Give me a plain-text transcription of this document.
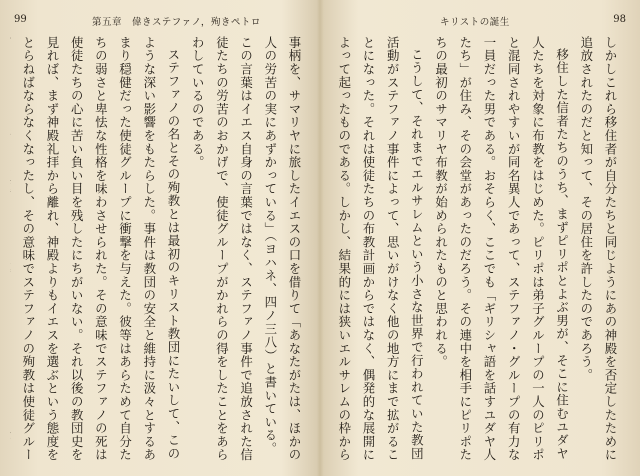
99	第五章　偉きステファノ，殉きペトロ

事柄を、サマリヤに旅したイエスの口を借りて「あなたがたは、ほかの人の労苦の実にあずかっている」（ヨハネ、四ノ三八）と書いている。この言葉はイエス自身の言葉ではなく、ステファノ事件で追放された信徒たちの労苦のおかげで、使徒グループがかれらの得をしたことをあらわしているのである。

ステファノの名とその殉教とは最初のキリスト教団にたいして、このような深い影響をもたらした。事件は教団の安全と維持に汲々とするあまり穏健だった使徒グループに衝撃を与えた。彼等はあらためて自分たちの弱さと卑怯な性格を味わさせられた。その意味でステファノの死は使徒たちの心に苦い負い目を残したにちがいない。それ以後の教団史を見れば、まず神殿礼拝から離れ、神殿よりもイエスを選ぶという態度をとらねばならなくなったし、その意味でステファノの殉教は使徒グルー

キリストの誕生	98

しかしこれら移住者が自分たちと同じようにあの神殿を否定したために追放されたのだと知って、その居住を許したのであろう。

移住した信者たちのうち、まずピリポとよぶ男が、そこに住むユダヤ人たちを対象に布教をはじめた。ピリポは弟子グループの一人のピリポと混同されやすいが同名異人であって、ステファノ・グループの有力な一員だった男である。おそらく、ここでも「ギリシャ語を話すユダヤ人たち」が住み、その会堂があったのだろう。その連中を相手にピリポたちの最初のサマリヤ布教が始められたものと思われる。

こうして、それまでエルサレムという小さな世界で行われていた教団活動がステファノ事件によって、思いがけなく他の地方にまで拡がることになった。それは使徒たちの布教計画からではなく、偶発的な展開によって起ったものである。しかし、結果的には狭いエルサレムの枠から
